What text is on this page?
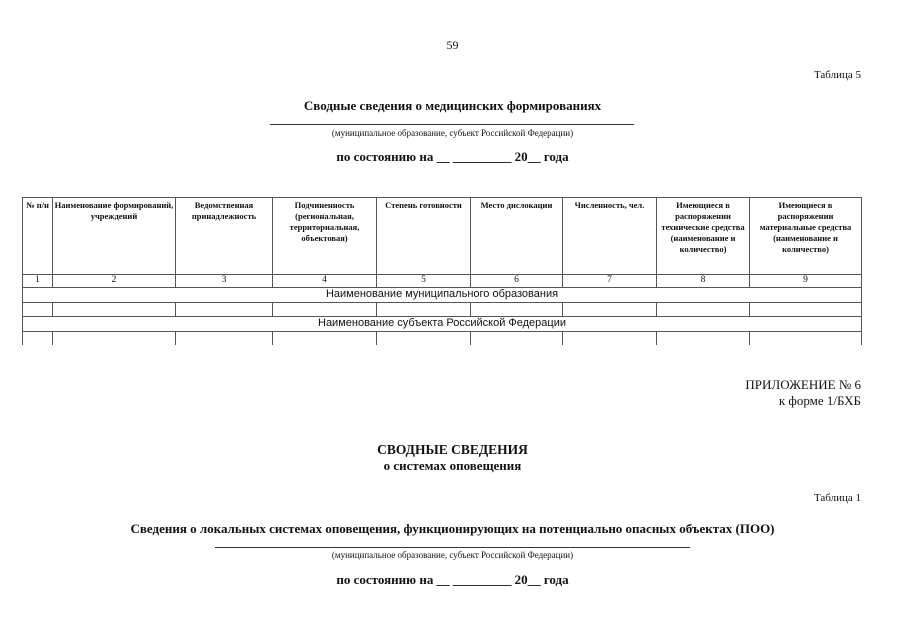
59
Таблица 5
Сводные сведения о медицинских формированиях
(муниципальное образование, субъект Российской Федерации)
по состоянию на __ _________ 20__ года
№ п/н	Наименование формирований, учреждений	Ведомственная принадлежность	Подчиненность (региональная, территориальная, объектовая)	Степень готовности	Место дислокации	Численность, чел.	Имеющиеся в распоряжении технические средства (наименование и количество)	Имеющиеся в распоряжении материальные средства (наименование и количество)
1	2	3	4	5	6	7	8	9
Наименование муниципального образования								

Наименование субъекта Российской Федерации								

ПРИЛОЖЕНИЕ № 6
к форме 1/БХБ
СВОДНЫЕ СВЕДЕНИЯ
о системах оповещения
Таблица 1
Сведения о локальных системах оповещения, функционирующих на потенциально опасных объектах (ПОО)
(муниципальное образование, субъект Российской Федерации)
по состоянию на __ _________ 20__ года
